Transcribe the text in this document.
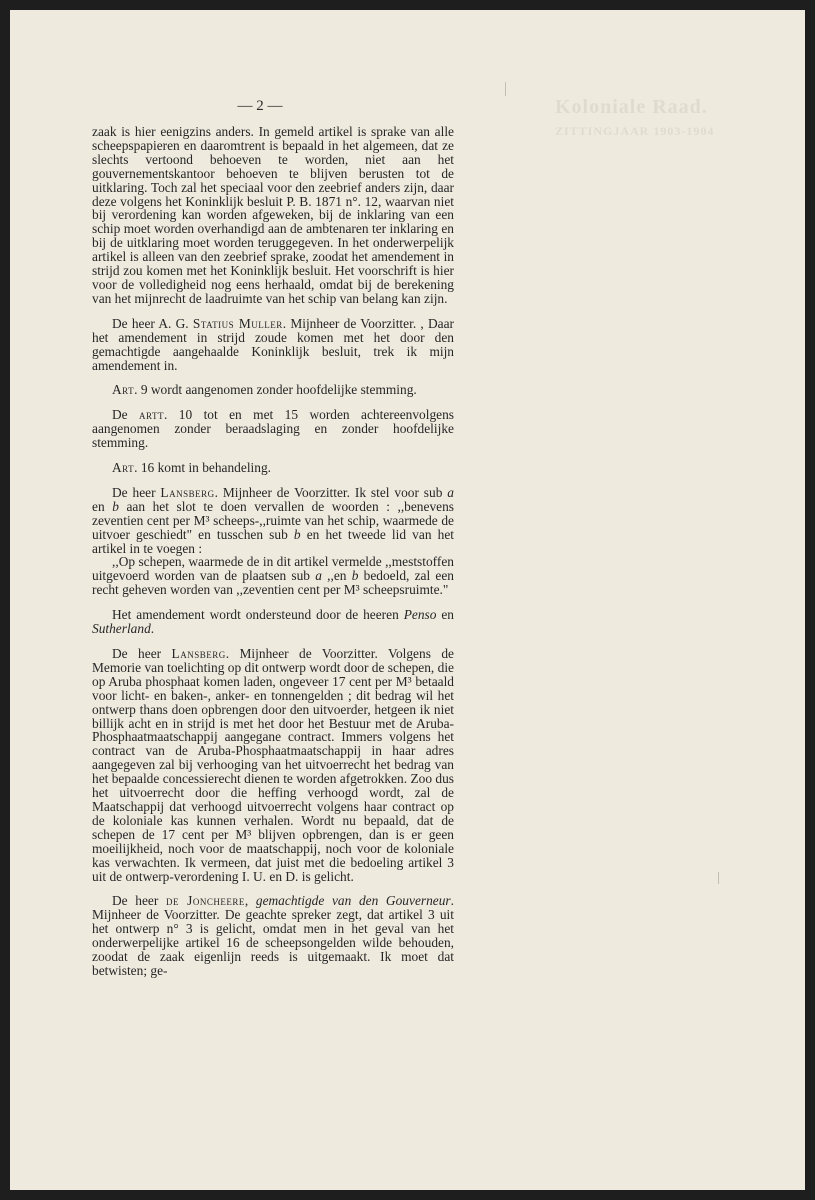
Koloniale Raad.
ZITTINGJAAR 1903-1904
— 2 —

zaak is hier eenigzins anders. In gemeld artikel is sprake van alle scheepspapieren en daaromtrent is bepaald in het algemeen, dat ze slechts vertoond behoeven te worden, niet aan het gouvernementskantoor behoeven te blijven berusten tot de uitklaring. Toch zal het speciaal voor den zeebrief anders zijn, daar deze volgens het Koninklijk besluit P. B. 1871 n°. 12, waarvan niet bij verordening kan worden afgeweken, bij de inklaring van een schip moet worden overhandigd aan de ambtenaren ter inklaring en bij de uitklaring moet worden teruggegeven. In het onderwerpelijk artikel is alleen van den zeebrief sprake, zoodat het amendement in strijd zou komen met het Koninklijk besluit. Het voorschrift is hier voor de volledigheid nog eens herhaald, omdat bij de berekening van het mijnrecht de laadruimte van het schip van belang kan zijn.

De heer A. G. Statius Muller. Mijnheer de Voorzitter. , Daar het amendement in strijd zoude komen met het door den gemachtigde aangehaalde Koninklijk besluit, trek ik mijn amendement in.

Art. 9 wordt aangenomen zonder hoofdelijke stemming.

De artt. 10 tot en met 15 worden achtereenvolgens aangenomen zonder beraadslaging en zonder hoofdelijke stemming.

Art. 16 komt in behandeling.

De heer Lansberg. Mijnheer de Voorzitter. Ik stel voor sub a en b aan het slot te doen vervallen de woorden : ,,benevens zeventien cent per M³ scheeps-,,ruimte van het schip, waarmede de uitvoer geschiedt" en tusschen sub b en het tweede lid van het artikel in te voegen :

,,Op schepen, waarmede de in dit artikel vermelde ,,meststoffen uitgevoerd worden van de plaatsen sub a ,,en b bedoeld, zal een recht geheven worden van ,,zeventien cent per M³ scheepsruimte."

Het amendement wordt ondersteund door de heeren Penso en Sutherland.

De heer Lansberg. Mijnheer de Voorzitter. Volgens de Memorie van toelichting op dit ontwerp wordt door de schepen, die op Aruba phosphaat komen laden, ongeveer 17 cent per M³ betaald voor licht- en baken-, anker- en tonnengelden ; dit bedrag wil het ontwerp thans doen opbrengen door den uitvoerder, hetgeen ik niet billijk acht en in strijd is met het door het Bestuur met de Aruba-Phosphaatmaatschappij aangegane contract. Immers volgens het contract van de Aruba-Phosphaatmaatschappij in haar adres aangegeven zal bij verhooging van het uitvoerrecht het bedrag van het bepaalde concessierecht dienen te worden afgetrokken. Zoo dus het uitvoerrecht door die heffing verhoogd wordt, zal de Maatschappij dat verhoogd uitvoerrecht volgens haar contract op de koloniale kas kunnen verhalen. Wordt nu bepaald, dat de schepen de 17 cent per M³ blijven opbrengen, dan is er geen moeilijkheid, noch voor de maatschappij, noch voor de koloniale kas verwachten. Ik vermeen, dat juist met die bedoeling artikel 3 uit de ontwerp-verordening I. U. en D. is gelicht.

De heer de Joncheere, gemachtigde van den Gouverneur. Mijnheer de Voorzitter. De geachte spreker zegt, dat artikel 3 uit het ontwerp n° 3 is gelicht, omdat men in het geval van het onderwerpelijke artikel 16 de scheepsongelden wilde behouden, zoodat de zaak eigenlijn reeds is uitgemaakt. Ik moet dat betwisten; ge-
